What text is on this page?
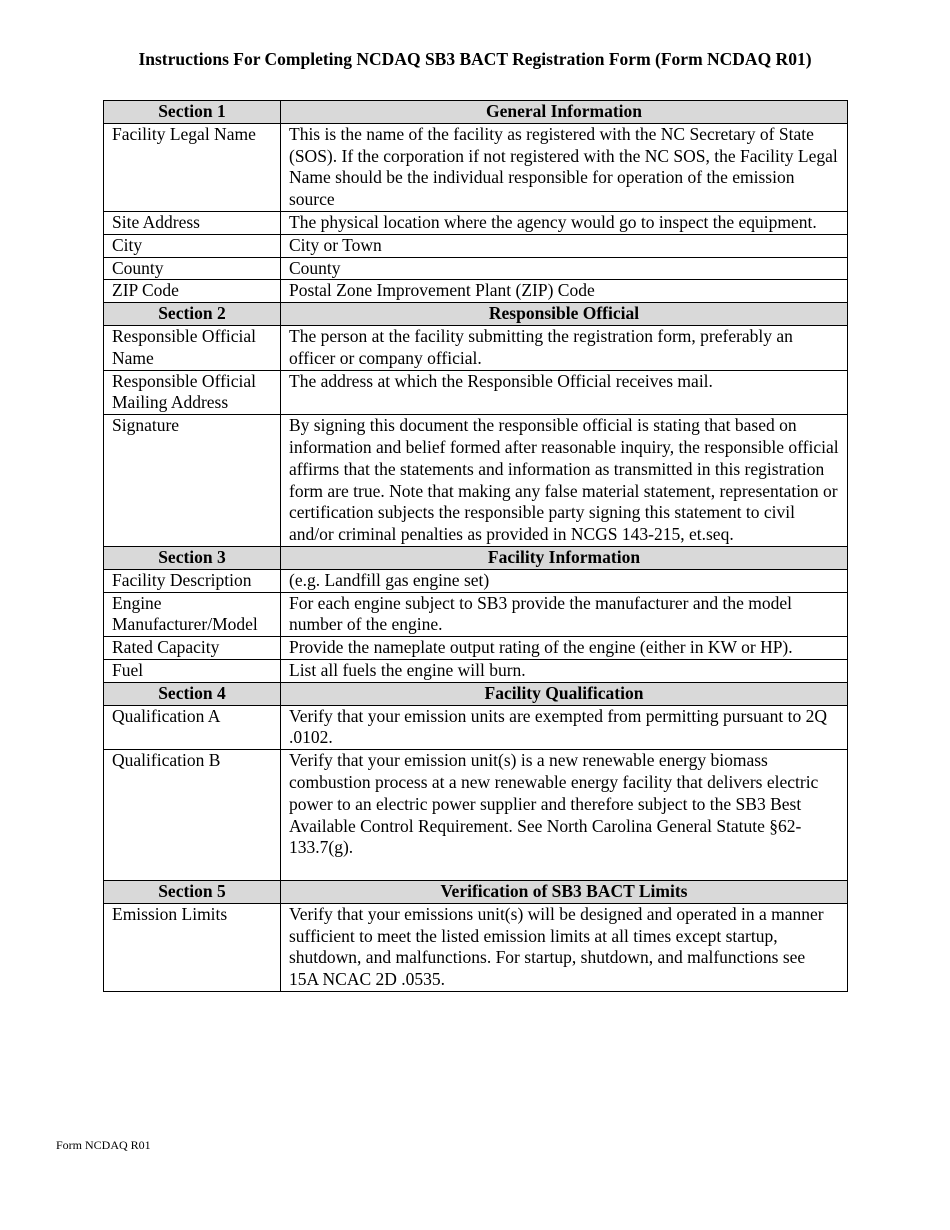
Instructions For Completing NCDAQ SB3 BACT Registration Form (Form NCDAQ R01)
Section 1	General Information
Facility Legal Name	This is the name of the facility as registered with the NC Secretary of State (SOS). If the corporation if not registered with the NC SOS, the Facility Legal Name should be the individual responsible for operation of the emission source
Site Address	The physical location where the agency would go to inspect the equipment.
City	City or Town
County	County
ZIP Code	Postal Zone Improvement Plant (ZIP) Code
Section 2	Responsible Official
Responsible Official Name	The person at the facility submitting the registration form, preferably an officer or company official.
Responsible Official Mailing Address	The address at which the Responsible Official receives mail.
Signature	By signing this document the responsible official is stating that based on information and belief formed after reasonable inquiry, the responsible official affirms that the statements and information as transmitted in this registration form are true. Note that making any false material statement, representation or certification subjects the responsible party signing this statement to civil and/or criminal penalties as provided in NCGS 143-215, et.seq.
Section 3	Facility Information
Facility Description	(e.g. Landfill gas engine set)
Engine Manufacturer/Model	For each engine subject to SB3 provide the manufacturer and the model number of the engine.
Rated Capacity	Provide the nameplate output rating of the engine (either in KW or HP).
Fuel	List all fuels the engine will burn.
Section 4	Facility Qualification
Qualification A	Verify that your emission units are exempted from permitting pursuant to 2Q .0102.
Qualification B	Verify that your emission unit(s) is a new renewable energy biomass combustion process at a new renewable energy facility that delivers electric power to an electric power supplier and therefore subject to the SB3 Best Available Control Requirement. See North Carolina General Statute §62-133.7(g).
Section 5	Verification of SB3 BACT Limits
Emission Limits	Verify that your emissions unit(s) will be designed and operated in a manner sufficient to meet the listed emission limits at all times except startup, shutdown, and malfunctions. For startup, shutdown, and malfunctions see 15A NCAC 2D .0535.
Form NCDAQ R01
